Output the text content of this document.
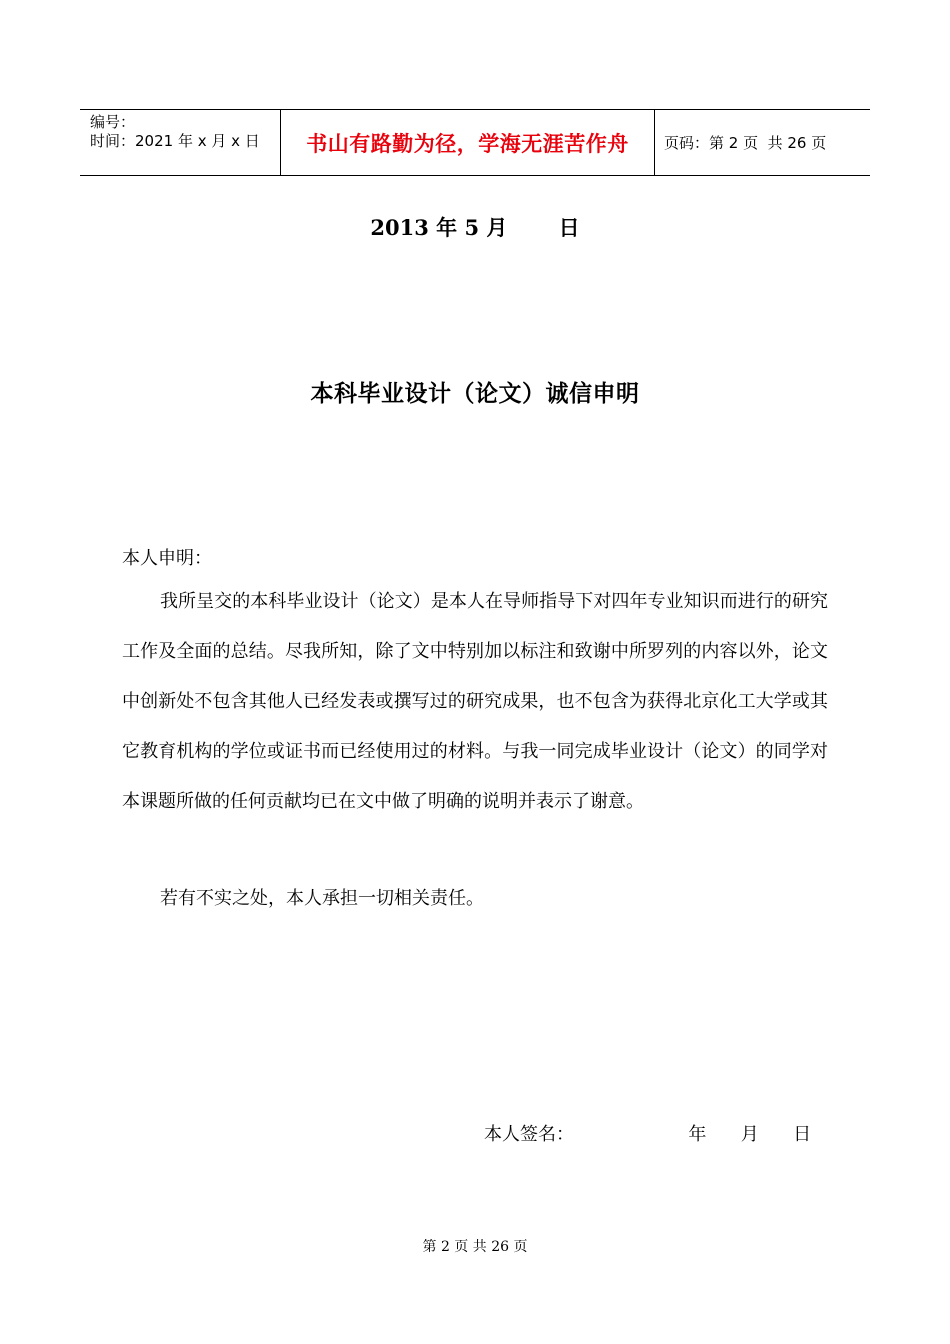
编号：
时间：2021 年 x 月 x 日	书山有路勤为径，学海无涯苦作舟 页码：第 2 页  共 26 页
2013 年 5 月       日
本科毕业设计（论文）诚信申明
本人申明：

我所呈交的本科毕业设计（论文）是本人在导师指导下对四年专业知识而进行的研究工作及全面的总结。尽我所知，除了文中特别加以标注和致谢中所罗列的内容以外，论文中创新处不包含其他人已经发表或撰写过的研究成果，也不包含为获得北京化工大学或其它教育机构的学位或证书而已经使用过的材料。与我一同完成毕业设计（论文）的同学对本课题所做的任何贡献均已在文中做了明确的说明并表示了谢意。

若有不实之处，本人承担一切相关责任。

本人签名：                    年      月      日
第 2 页 共 26 页
